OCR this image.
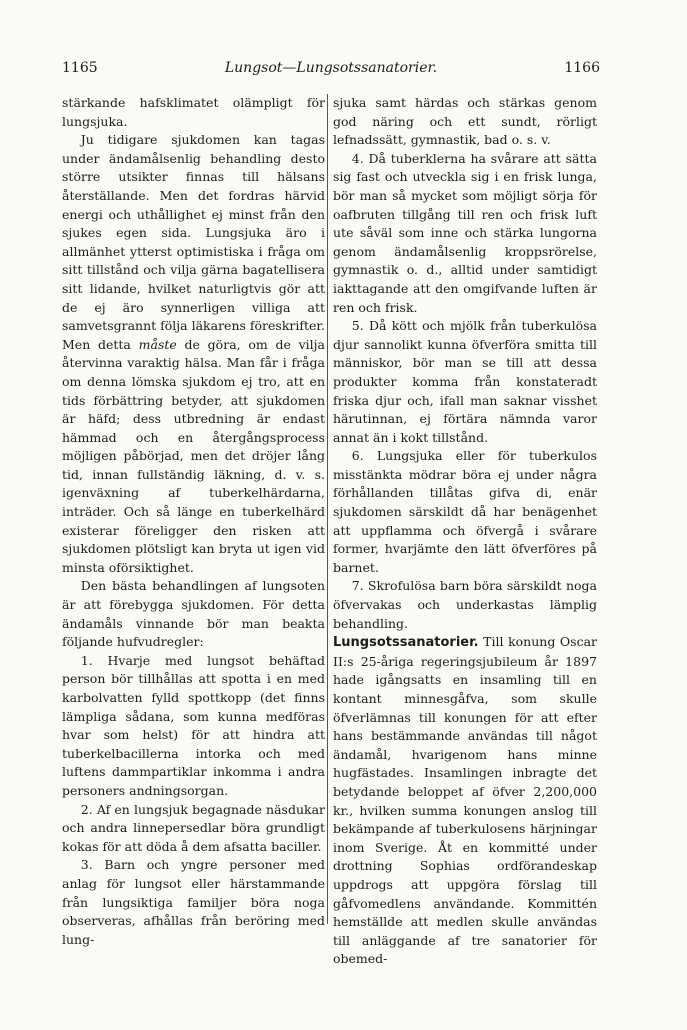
1165	Lungsot—Lungsotssanatorier.	1166

stärkande hafsklimatet olämpligt för lungsjuka.

Ju tidigare sjukdomen kan tagas under ändamålsenlig behandling desto större utsikter finnas till hälsans återställande. Men det fordras härvid energi och uthållighet ej minst från den sjukes egen sida. Lungsjuka äro i allmänhet ytterst optimistiska i fråga om sitt tillstånd och vilja gärna bagatellisera sitt lidande, hvilket naturligtvis gör att de ej äro synnerligen villiga att samvetsgrannt följa läkarens föreskrifter. Men detta måste de göra, om de vilja återvinna varaktig hälsa. Man får i fråga om denna lömska sjukdom ej tro, att en tids förbättring betyder, att sjukdomen är häfd; dess utbredning är endast hämmad och en återgångsprocess möjligen påbörjad, men det dröjer lång tid, innan fullständig läkning, d. v. s. igenväxning af tuberkelhärdarna, inträder. Och så länge en tuberkelhärd existerar föreligger den risken att sjukdomen plötsligt kan bryta ut igen vid minsta oförsiktighet.

Den bästa behandlingen af lungsoten är att förebygga sjukdomen. För detta ändamåls vinnande bör man beakta följande hufvudregler:

1. Hvarje med lungsot behäftad person bör tillhållas att spotta i en med karbolvatten fylld spottkopp (det finns lämpliga sådana, som kunna medföras hvar som helst) för att hindra att tuberkelbacillerna intorka och med luftens dammpartiklar inkomma i andra personers andningsorgan.

2. Af en lungsjuk begagnade näsdukar och andra linnepersedlar böra grundligt kokas för att döda å dem afsatta baciller.

3. Barn och yngre personer med anlag för lungsot eller härstammande från lungsiktiga familjer böra noga observeras, afhållas från beröring med lung-

sjuka samt härdas och stärkas genom god näring och ett sundt, rörligt lefnadssätt, gymnastik, bad o. s. v.

4. Då tuberklerna ha svårare att sätta sig fast och utveckla sig i en frisk lunga, bör man så mycket som möjligt sörja för oafbruten tillgång till ren och frisk luft ute såväl som inne och stärka lungorna genom ändamålsenlig kroppsrörelse, gymnastik o. d., alltid under samtidigt iakttagande att den omgifvande luften är ren och frisk.

5. Då kött och mjölk från tuberkulösa djur sannolikt kunna öfverföra smitta till människor, bör man se till att dessa produkter komma från konstateradt friska djur och, ifall man saknar visshet härutinnan, ej förtära nämnda varor annat än i kokt tillstånd.

6. Lungsjuka eller för tuberkulos misstänkta mödrar böra ej under några förhållanden tillåtas gifva di, enär sjukdomen särskildt då har benägenhet att uppflamma och öfvergå i svårare former, hvarjämte den lätt öfverföres på barnet.

7. Skrofulösa barn böra särskildt noga öfvervakas och underkastas lämplig behandling.

Lungsotssanatorier. Till konung Oscar II:s 25-åriga regeringsjubileum år 1897 hade igångsatts en insamling till en kontant minnesgåfva, som skulle öfverlämnas till konungen för att efter hans bestämmande användas till något ändamål, hvarigenom hans minne hugfästades. Insamlingen inbragte det betydande beloppet af öfver 2,200,000 kr., hvilken summa konungen anslog till bekämpande af tuberkulosens härjningar inom Sverige. Åt en kommitté under drottning Sophias ordförandeskap uppdrogs att uppgöra förslag till gåfvomedlens användande. Kommittén hemställde att medlen skulle användas till anläggande af tre sanatorier för obemed-
